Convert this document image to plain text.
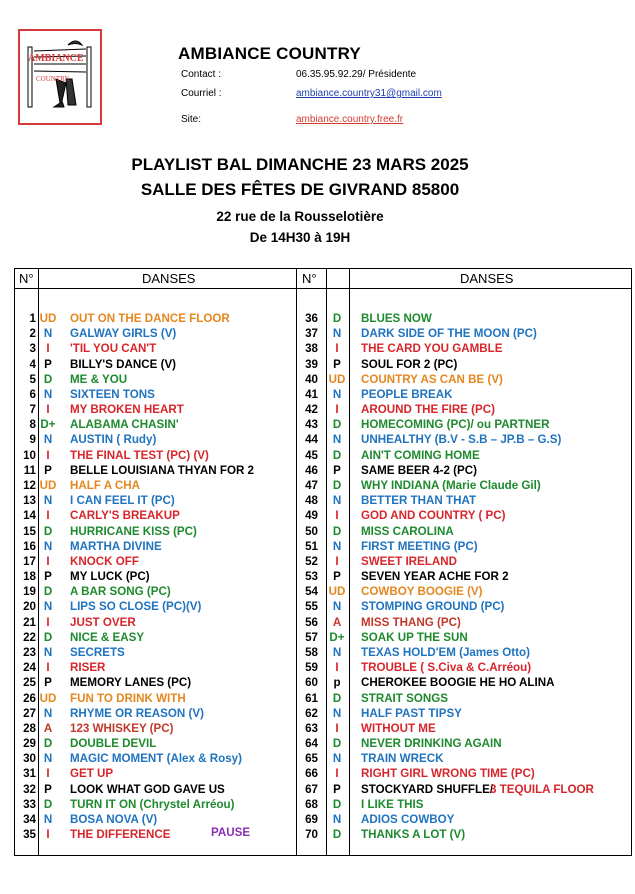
AMBIANCE
COUNTRY
AMBIANCE COUNTRY
Contact :	06.35.95.92.29/ Présidente
Courriel :	ambiance.country31@gmail.com
Site:	ambiance.country.free.fr
PLAYLIST BAL DIMANCHE 23 MARS 2025
SALLE DES FÊTES DE GIVRAND 85800
22 rue de la Rousselotière
De 14H30 à 19H
N°	DANSES	N°	DANSES
1 UD OUT ON THE DANCE FLOOR
2 N	GALWAY GIRLS (V)
3 I	'TIL YOU CAN'T
4 P	BILLY'S DANCE (V)
5 D	ME & YOU
6 N	SIXTEEN TONS
7 I	MY BROKEN HEART
8 D+ ALABAMA CHASIN'
9 N	AUSTIN ( Rudy)
10 I	THE FINAL TEST (PC) (V)
11 P	BELLE LOUISIANA THYAN FOR 2
12 UD HALF A CHA
13 N	I CAN FEEL IT (PC)
14 I	CARLY'S BREAKUP
15 D	HURRICANE KISS (PC)
16 N	MARTHA DIVINE
17 I	KNOCK OFF
18 P	MY LUCK (PC)
19 D	A BAR SONG (PC)
20 N	LIPS SO CLOSE (PC)(V)
21 I	JUST OVER
22 D	NICE & EASY
23 N	SECRETS
24 I	RISER
25 P	MEMORY LANES (PC)
26 UD FUN TO DRINK WITH
27 N	RHYME OR REASON (V)
28 A	123 WHISKEY (PC)
29 D	DOUBLE DEVIL
30 N	MAGIC MOMENT (Alex & Rosy)
31 I	GET UP
32 P	LOOK WHAT GOD GAVE US
33 D	TURN IT ON (Chrystel Arréou)
34 N	BOSA NOVA (V)
35 I	THE DIFFERENCE
36	D	BLUES NOW
37	N	DARK SIDE OF THE MOON (PC)
38	I	THE CARD YOU GAMBLE
39	P	SOUL FOR 2 (PC)
40 UD COUNTRY AS CAN BE (V)
41	N	PEOPLE BREAK
42	I	AROUND THE FIRE (PC)
43	D	HOMECOMING (PC)/ ou PARTNER
44	N	UNHEALTHY (B.V - S.B – JP.B – G.S)
45	D	AIN'T COMING HOME
46	P	SAME BEER 4-2 (PC)
47	D	WHY INDIANA (Marie Claude Gil)
48	N	BETTER THAN THAT
49	I	GOD AND COUNTRY ( PC)
50	D	MISS CAROLINA
51	N	FIRST MEETING (PC)
52	I	SWEET IRELAND
53	P	SEVEN YEAR ACHE FOR 2
54 UD COWBOY BOOGIE (V)
55	N	STOMPING GROUND (PC)
56	A	MISS THANG (PC)
57 D+ SOAK UP THE SUN
58	N	TEXAS HOLD'EM (James Otto)
59	I	TROUBLE ( S.Civa & C.Arréou)
60	p	CHEROKEE BOOGIE HE HO ALINA
61	D	STRAIT SONGS
62	N	HALF PAST TIPSY
63	I	WITHOUT ME
64	D	NEVER DRINKING AGAIN
65	N	TRAIN WRECK
66	I	RIGHT GIRL WRONG TIME (PC)
67	P	STOCKYARD SHUFFLE/
3 TEQUILA FLOOR
68	D	I LIKE THIS
69	N	ADIOS COWBOY
70	D	THANKS A LOT (V)
PAUSE
